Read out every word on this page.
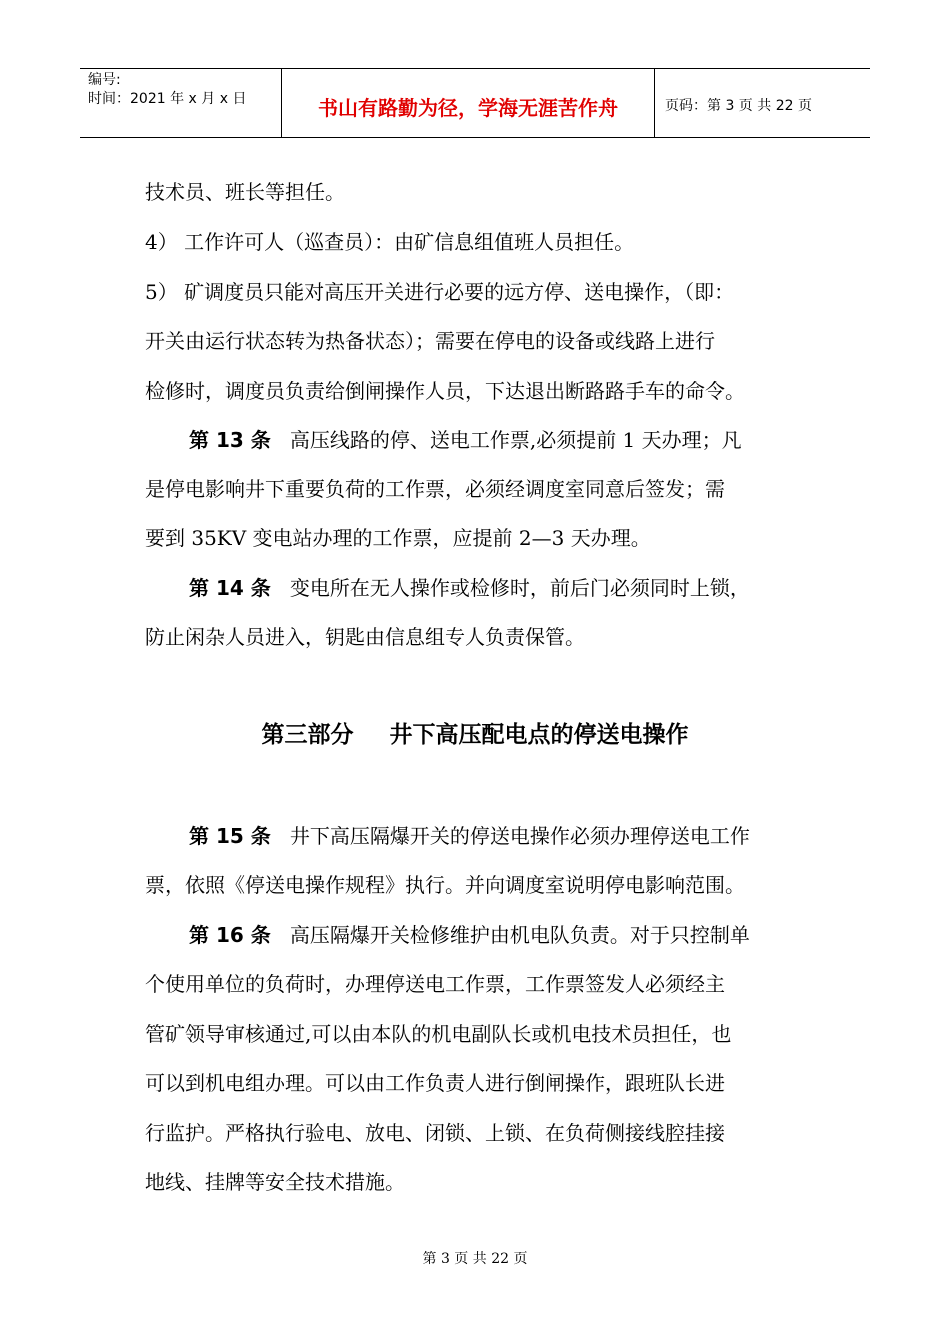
编号:
时间：2021 年 x 月 x 日	书山有路勤为径，学海无涯苦作舟	页码：第 3 页 共 22 页
技术员、班长等担任。
4） 工作许可人（巡查员）：由矿信息组值班人员担任。
5） 矿调度员只能对高压开关进行必要的远方停、送电操作，（即：
开关由运行状态转为热备状态）；需要在停电的设备或线路上进行
检修时，调度员负责给倒闸操作人员，下达退出断路路手车的命令。
第 13 条 高压线路的停、送电工作票,必须提前 1 天办理；凡
是停电影响井下重要负荷的工作票，必须经调度室同意后签发；需
要到 35KV 变电站办理的工作票，应提前 2—3 天办理。
第 14 条 变电所在无人操作或检修时，前后门必须同时上锁，
防止闲杂人员进入，钥匙由信息组专人负责保管。
第 15 条 井下高压隔爆开关的停送电操作必须办理停送电工作
票，依照《停送电操作规程》执行。并向调度室说明停电影响范围。
第 16 条 高压隔爆开关检修维护由机电队负责。对于只控制单
个使用单位的负荷时，办理停送电工作票，工作票签发人必须经主
管矿领导审核通过,可以由本队的机电副队长或机电技术员担任，也
可以到机电组办理。可以由工作负责人进行倒闸操作，跟班队长进
行监护。严格执行验电、放电、闭锁、上锁、在负荷侧接线腔挂接
地线、挂牌等安全技术措施。
第三部分 井下高压配电点的停送电操作
第 3 页 共 22 页
